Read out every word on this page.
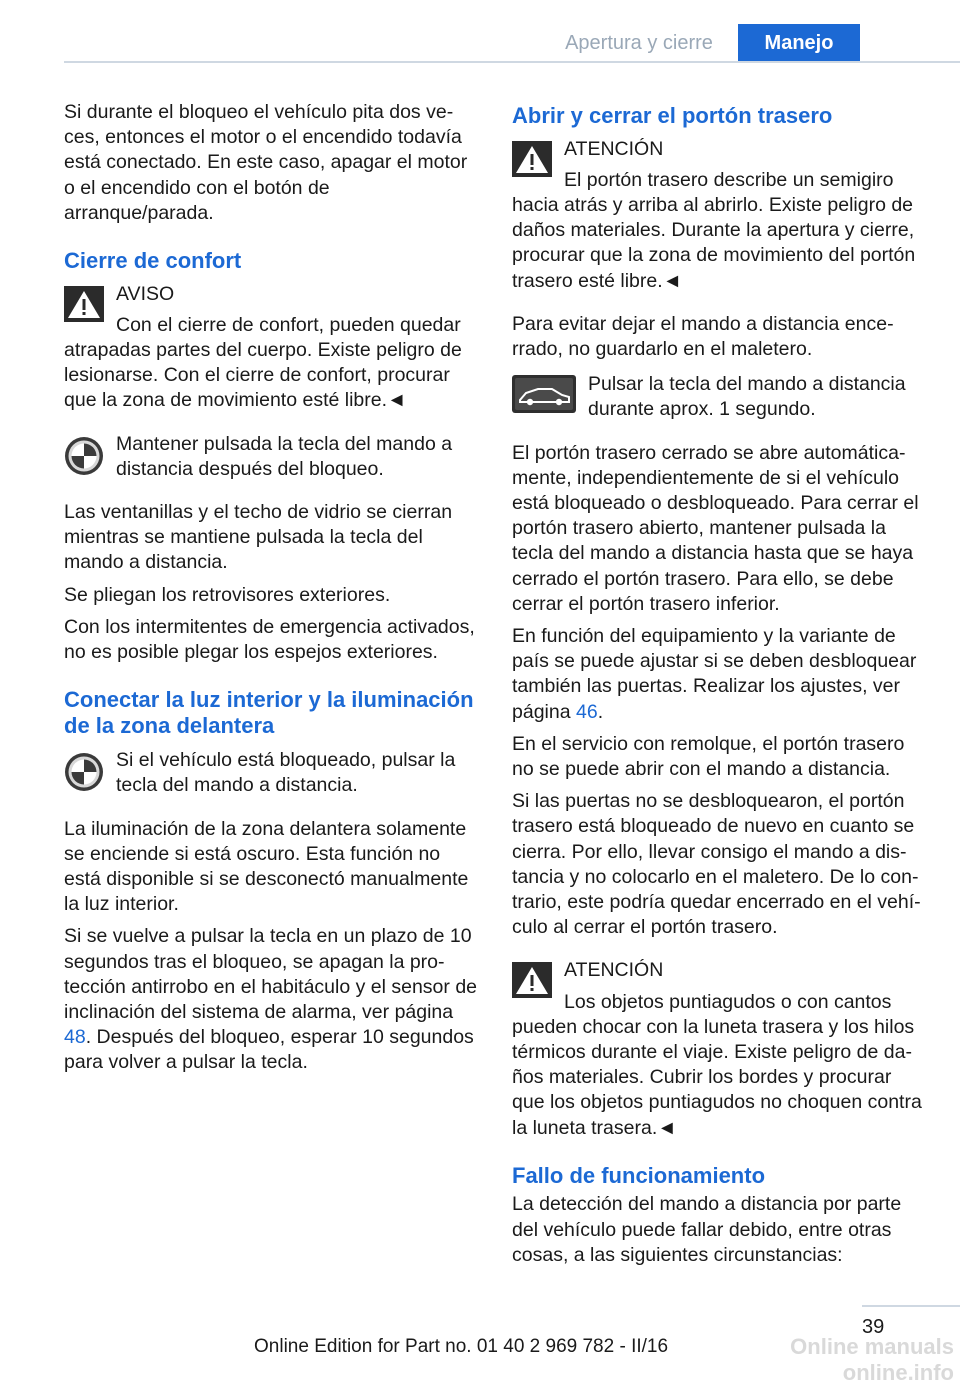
Apertura y cierre	Manejo

Si durante el bloqueo el vehículo pita dos veces, entonces el motor o el encendido todavía está conectado. En este caso, apagar el motor o el encendido con el botón de arranque/parada.

Cierre de confort
AVISO
Con el cierre de confort, pueden quedar atrapadas partes del cuerpo. Existe peligro de lesionarse. Con el cierre de confort, procurar que la zona de movimiento esté libre.◄
Mantener pulsada la tecla del mando a distancia después del bloqueo.

Las ventanillas y el techo de vidrio se cierran mientras se mantiene pulsada la tecla del mando a distancia.

Se pliegan los retrovisores exteriores.

Con los intermitentes de emergencia activados, no es posible plegar los espejos exteriores.

Conectar la luz interior y la iluminación de la zona delantera
Si el vehículo está bloqueado, pulsar la tecla del mando a distancia.

La iluminación de la zona delantera solamente se enciende si está oscuro. Esta función no está disponible si se desconectó manualmente la luz interior.

Si se vuelve a pulsar la tecla en un plazo de 10 segundos tras el bloqueo, se apagan la protección antirrobo en el habitáculo y el sensor de inclinación del sistema de alarma, ver página 48. Después del bloqueo, esperar 10 segundos para volver a pulsar la tecla.

Abrir y cerrar el portón trasero
ATENCIÓN
El portón trasero describe un semigiro hacia atrás y arriba al abrirlo. Existe peligro de daños materiales. Durante la apertura y cierre, procurar que la zona de movimiento del portón trasero esté libre.◄

Para evitar dejar el mando a distancia encerrado, no guardarlo en el maletero.

Pulsar la tecla del mando a distancia durante aprox. 1 segundo.

El portón trasero cerrado se abre automáticamente, independientemente de si el vehículo está bloqueado o desbloqueado. Para cerrar el portón trasero abierto, mantener pulsada la tecla del mando a distancia hasta que se haya cerrado el portón trasero. Para ello, se debe cerrar el portón trasero inferior.

En función del equipamiento y la variante de país se puede ajustar si se deben desbloquear también las puertas. Realizar los ajustes, ver página 46.

En el servicio con remolque, el portón trasero no se puede abrir con el mando a distancia.

Si las puertas no se desbloquearon, el portón trasero está bloqueado de nuevo en cuanto se cierra. Por ello, llevar consigo el mando a distancia y no colocarlo en el maletero. De lo contrario, este podría quedar encerrado en el vehículo al cerrar el portón trasero.

ATENCIÓN
Los objetos puntiagudos o con cantos pueden chocar con la luneta trasera y los hilos térmicos durante el viaje. Existe peligro de daños materiales. Cubrir los bordes y procurar que los objetos puntiagudos no choquen contra la luneta trasera.◄
Fallo de funcionamiento

La detección del mando a distancia por parte del vehículo puede fallar debido, entre otras cosas, a las siguientes circunstancias:

39
Online Edition for Part no. 01 40 2 969 782 - II/16	Online manuals online.info
